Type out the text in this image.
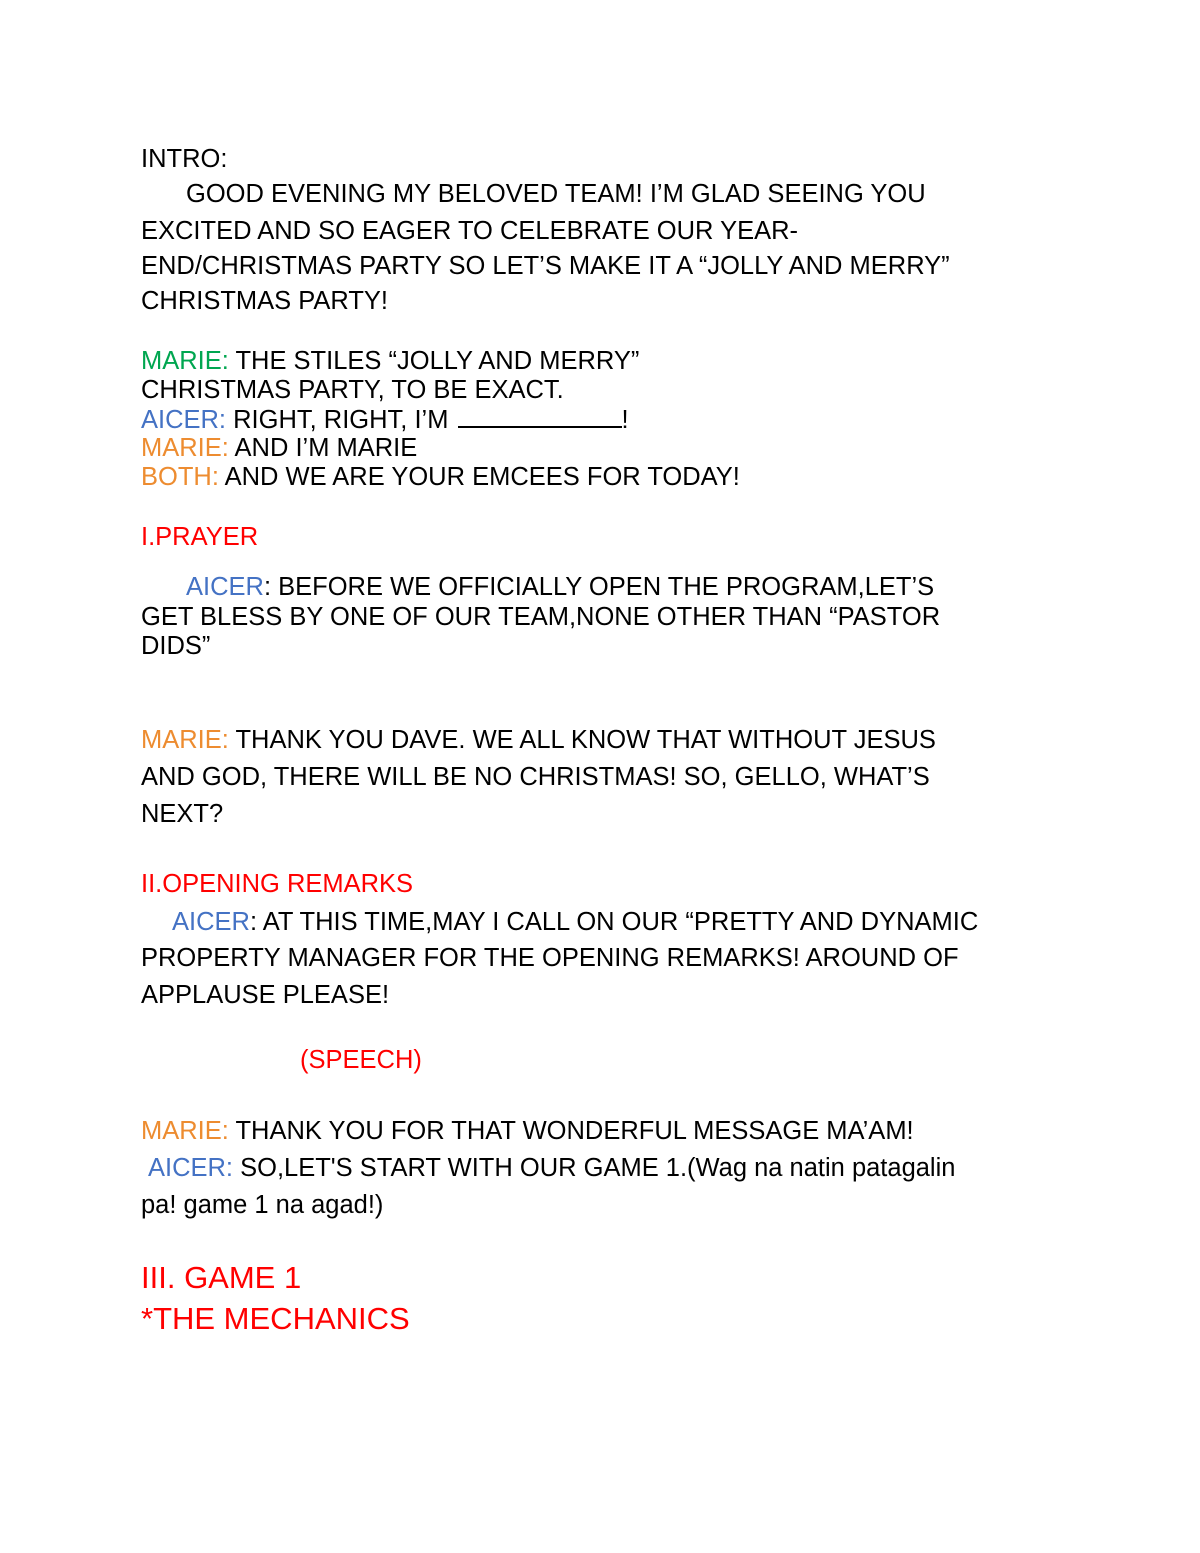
INTRO:
GOOD EVENING MY BELOVED TEAM! I’M GLAD SEEING YOU
EXCITED AND SO EAGER TO CELEBRATE OUR YEAR-
END/CHRISTMAS PARTY SO LET’S MAKE IT A “JOLLY AND MERRY”
CHRISTMAS PARTY!
MARIE: THE STILES “JOLLY AND MERRY”
CHRISTMAS PARTY, TO BE EXACT.
AICER: RIGHT, RIGHT, I’M	!
MARIE: AND I’M MARIE
BOTH: AND WE ARE YOUR EMCEES FOR TODAY!
I.PRAYER
AICER: BEFORE WE OFFICIALLY OPEN THE PROGRAM,LET’S
GET BLESS BY ONE OF OUR TEAM,NONE OTHER THAN “PASTOR
DIDS”
MARIE: THANK YOU DAVE. WE ALL KNOW THAT WITHOUT JESUS
AND GOD, THERE WILL BE NO CHRISTMAS! SO, GELLO, WHAT’S
NEXT?
II.OPENING REMARKS
AICER: AT THIS TIME,MAY I CALL ON OUR “PRETTY AND DYNAMIC
PROPERTY MANAGER FOR THE OPENING REMARKS! AROUND OF
APPLAUSE PLEASE!
(SPEECH)
MARIE: THANK YOU FOR THAT WONDERFUL MESSAGE MA’AM!
AICER: SO,LET'S START WITH OUR GAME 1.(Wag na natin patagalin
pa! game 1 na agad!)
III. GAME 1
*THE MECHANICS
